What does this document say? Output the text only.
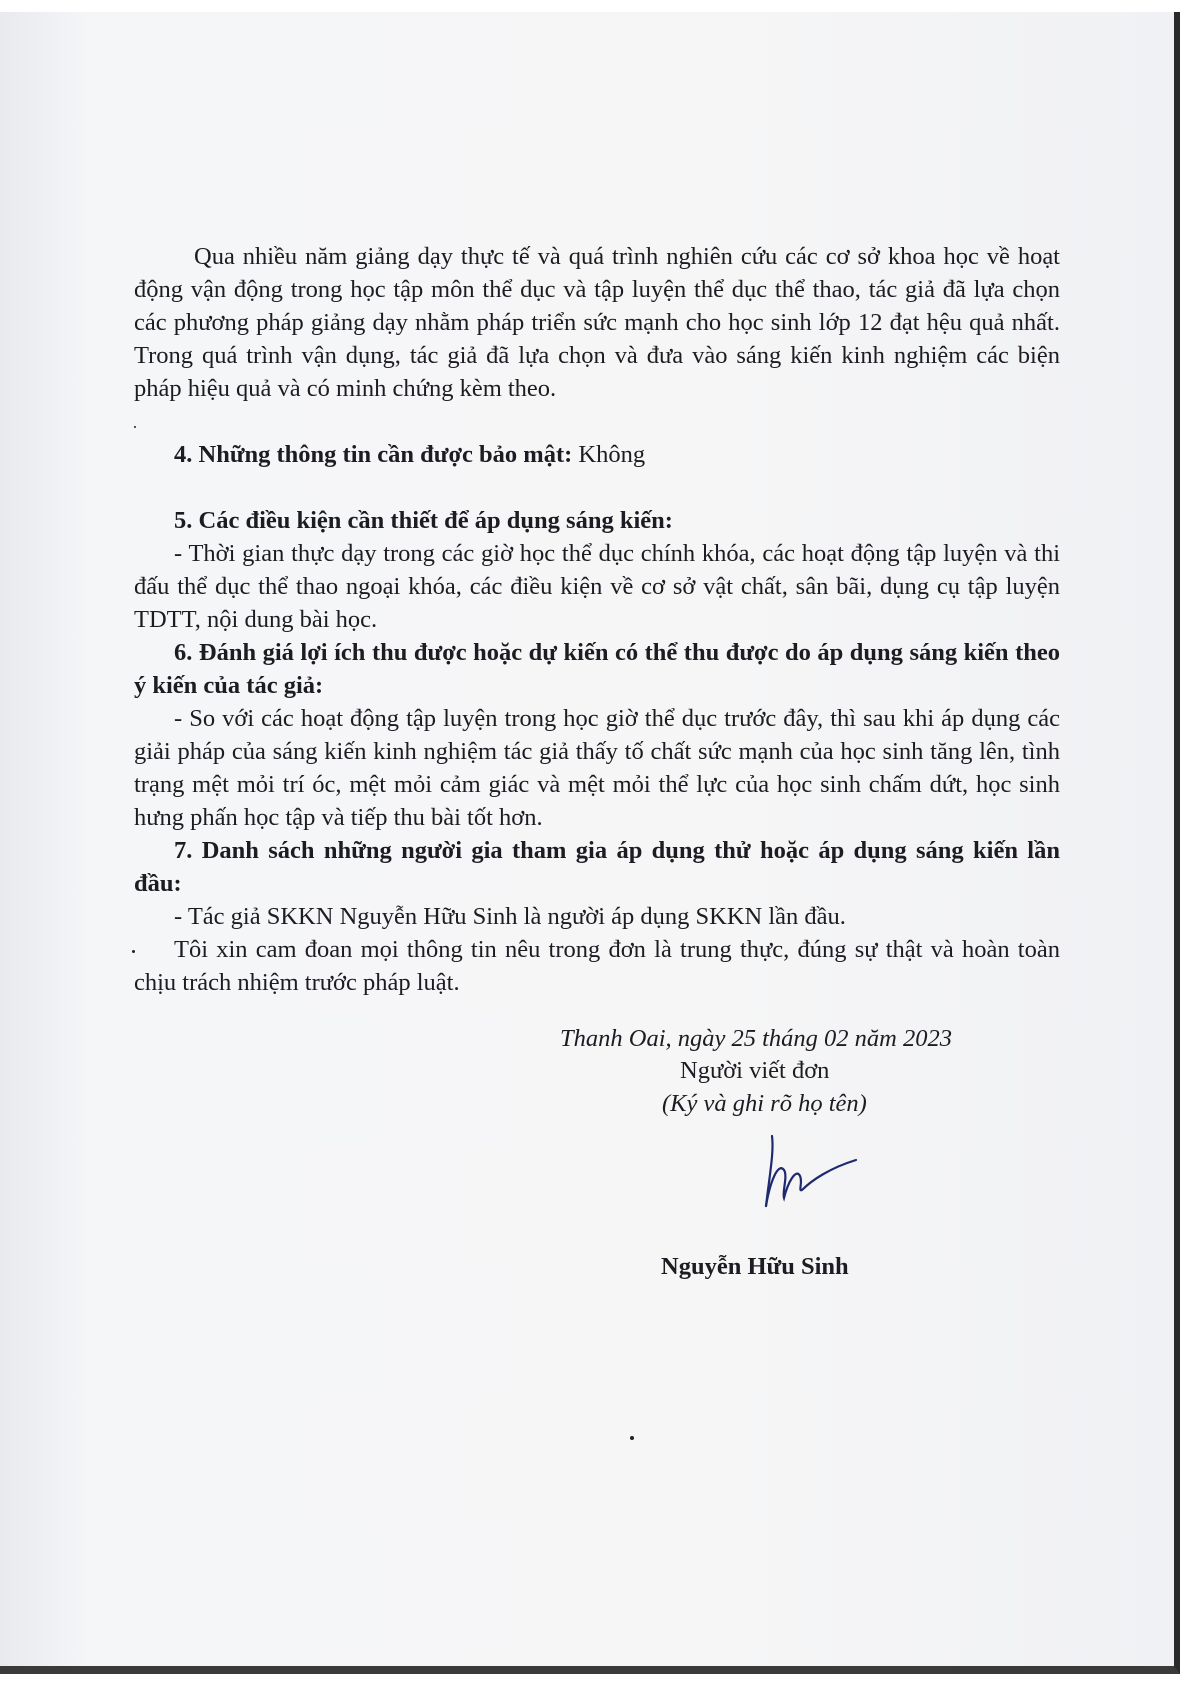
Qua nhiều năm giảng dạy thực tế và quá trình nghiên cứu các cơ sở khoa học về hoạt động vận động trong học tập môn thể dục và tập luyện thể dục thể thao, tác giả đã lựa chọn các phương pháp giảng dạy nhằm pháp triển sức mạnh cho học sinh lớp 12 đạt hệu quả nhất. Trong quá trình vận dụng, tác giả đã lựa chọn và đưa vào sáng kiến kinh nghiệm các biện pháp hiệu quả và có minh chứng kèm theo.

4. Những thông tin cần được bảo mật: Không

5. Các điều kiện cần thiết để áp dụng sáng kiến:

- Thời gian thực dạy trong các giờ học thể dục chính khóa, các hoạt động tập luyện và thi đấu thể dục thể thao ngoại khóa, các điều kiện về cơ sở vật chất, sân bãi, dụng cụ tập luyện TDTT, nội dung bài học.

6. Đánh giá lợi ích thu được hoặc dự kiến có thể thu được do áp dụng sáng kiến theo ý kiến của tác giả:

- So với các hoạt động tập luyện trong học giờ thể dục trước đây, thì sau khi áp dụng các giải pháp của sáng kiến kinh nghiệm tác giả thấy tố chất sức mạnh của học sinh tăng lên, tình trạng mệt mỏi trí óc, mệt mỏi cảm giác và mệt mỏi thể lực của học sinh chấm dứt, học sinh hưng phấn học tập và tiếp thu bài tốt hơn.

7. Danh sách những người gia tham gia áp dụng thử hoặc áp dụng sáng kiến lần đầu:

- Tác giả SKKN Nguyễn Hữu Sinh là người áp dụng SKKN lần đầu.

Tôi xin cam đoan mọi thông tin nêu trong đơn là trung thực, đúng sự thật và hoàn toàn chịu trách nhiệm trước pháp luật.

Thanh Oai, ngày 25 tháng 02 năm 2023
Người viết đơn
(Ký và ghi rõ họ tên)
Nguyễn Hữu Sinh
